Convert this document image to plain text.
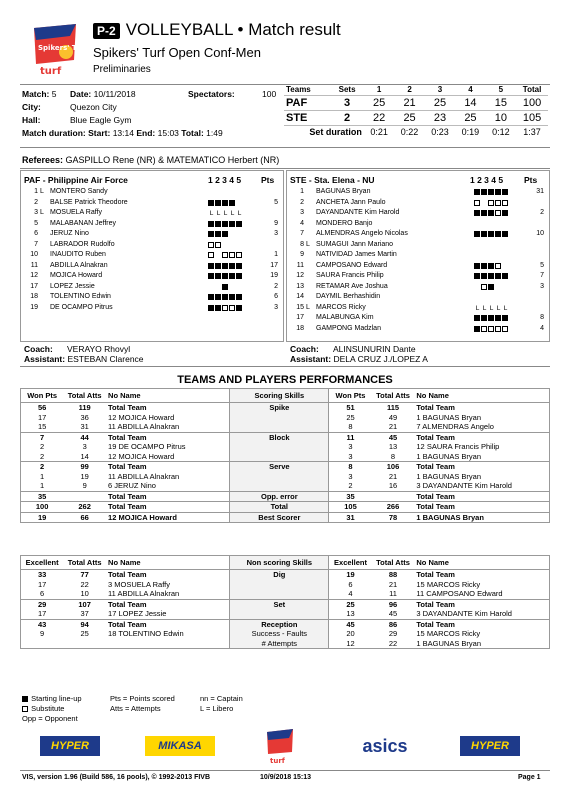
Spikers' Turf
turf
P-2 VOLLEYBALL • Match result
Spikers' Turf Open Conf-Men
Preliminaries
Match: 5 Date: 10/11/2018	Spectators:	100
City:	Quezon City
Hall:	Blue Eagle Gym
Match duration: Start: 13:14 End: 15:03 Total: 1:49
Teams	Sets	1	2	3	4	5	Total
PAF	3	25	21	25	14	15	100
STE	2	22	25	23	25	10	105
Set duration		0:21	0:22	0:23	0:19	0:12	1:37
Referees: GASPILLO Rene (NR) & MATEMATICO Herbert (NR)
PAF - Philippine Air Force	1 2 3 4 5 Pts STE - Sta. Elena - NU	1 2 3 4 5 Pts
1 L MONTERO Sandy
2 BALSE Patrick Theodore	5
3 L MOSUELA Raffy	L L L L L
5 MALABANAN Jeffrey	9
6 JERUZ Nino	3
7 LABRADOR Rudolfo
10 INAUDITO Ruben	1
11 ABDILLA Alnakran	17
12 MOJICA Howard	19
17 LOPEZ Jessie	2
18 TOLENTINO Edwin	6
19 DE OCAMPO Pitrus	3
1 BAGUNAS Bryan	31
2 ANCHETA Jann Paulo
3 DAYANDANTE Kim Harold	2
4 MONDERO Banjo
7 ALMENDRAS Angelo Nicolas	10
8 L SUMAGUI Jann Mariano
9 NATIVIDAD James Martin
11 CAMPOSANO Edward	5
12 SAURA Francis Philip	7
13 RETAMAR Ave Joshua	3
14 DAYMIL Berhashidin
15 L MARCOS Ricky	L L L L L
17 MALABUNGA Kim	8
18 GAMPONG Madzlan	4
Coach: VERAYO Rhovyl
Assistant: ESTEBAN Clarence
Coach: ALINSUNURIN Dante
Assistant: DELA CRUZ J./LOPEZ A
TEAMS AND PLAYERS PERFORMANCES
Won Pts	Total Atts	No Name	Scoring Skills	Won Pts	Total Atts	No Name
56	119	Total Team	Spike	51	115	Total Team
17	36	12 MOJICA Howard		25	49	1 BAGUNAS Bryan
15	31	11 ABDILLA Alnakran		8	21	7 ALMENDRAS Angelo
7	44	Total Team	Block	11	45	Total Team
2	3	19 DE OCAMPO Pitrus		3	13	12 SAURA Francis Philip
2	14	12 MOJICA Howard		3	8	1 BAGUNAS Bryan
2	99	Total Team	Serve	8	106	Total Team
1	19	11 ABDILLA Alnakran		3	21	1 BAGUNAS Bryan
1	9	6 JERUZ Nino		2	16	3 DAYANDANTE Kim Harold
35		Total Team	Opp. error	35		Total Team
100	262	Total Team	Total	105	266	Total Team
19	66	12 MOJICA Howard	Best Scorer	31	78	1 BAGUNAS Bryan
Excellent	Total Atts	No Name	Non scoring Skills	Excellent	Total Atts	No Name
33	77	Total Team	Dig	19	88	Total Team
17	22	3 MOSUELA Raffy		6	21	15 MARCOS Ricky
6	10	11 ABDILLA Alnakran		4	11	11 CAMPOSANO Edward
29	107	Total Team	Set	25	96	Total Team
17	37	17 LOPEZ Jessie		13	45	3 DAYANDANTE Kim Harold
43	94	Total Team	Reception	45	86	Total Team
9	25	18 TOLENTINO Edwin	Success - Faults	20	29	15 MARCOS Ricky
			# Attempts	12	22	1 BAGUNAS Bryan
Starting line-up
Substitute
Opp = Opponent
Pts = Points scored
Atts = Attempts
nn = Captain
L = Libero
HYPER	MIKASA
turf
asics	HYPER
VIS, version 1.96 (Build 586, 16 pools), © 1992-2013 FIVB	10/9/2018 15:13	Page 1
